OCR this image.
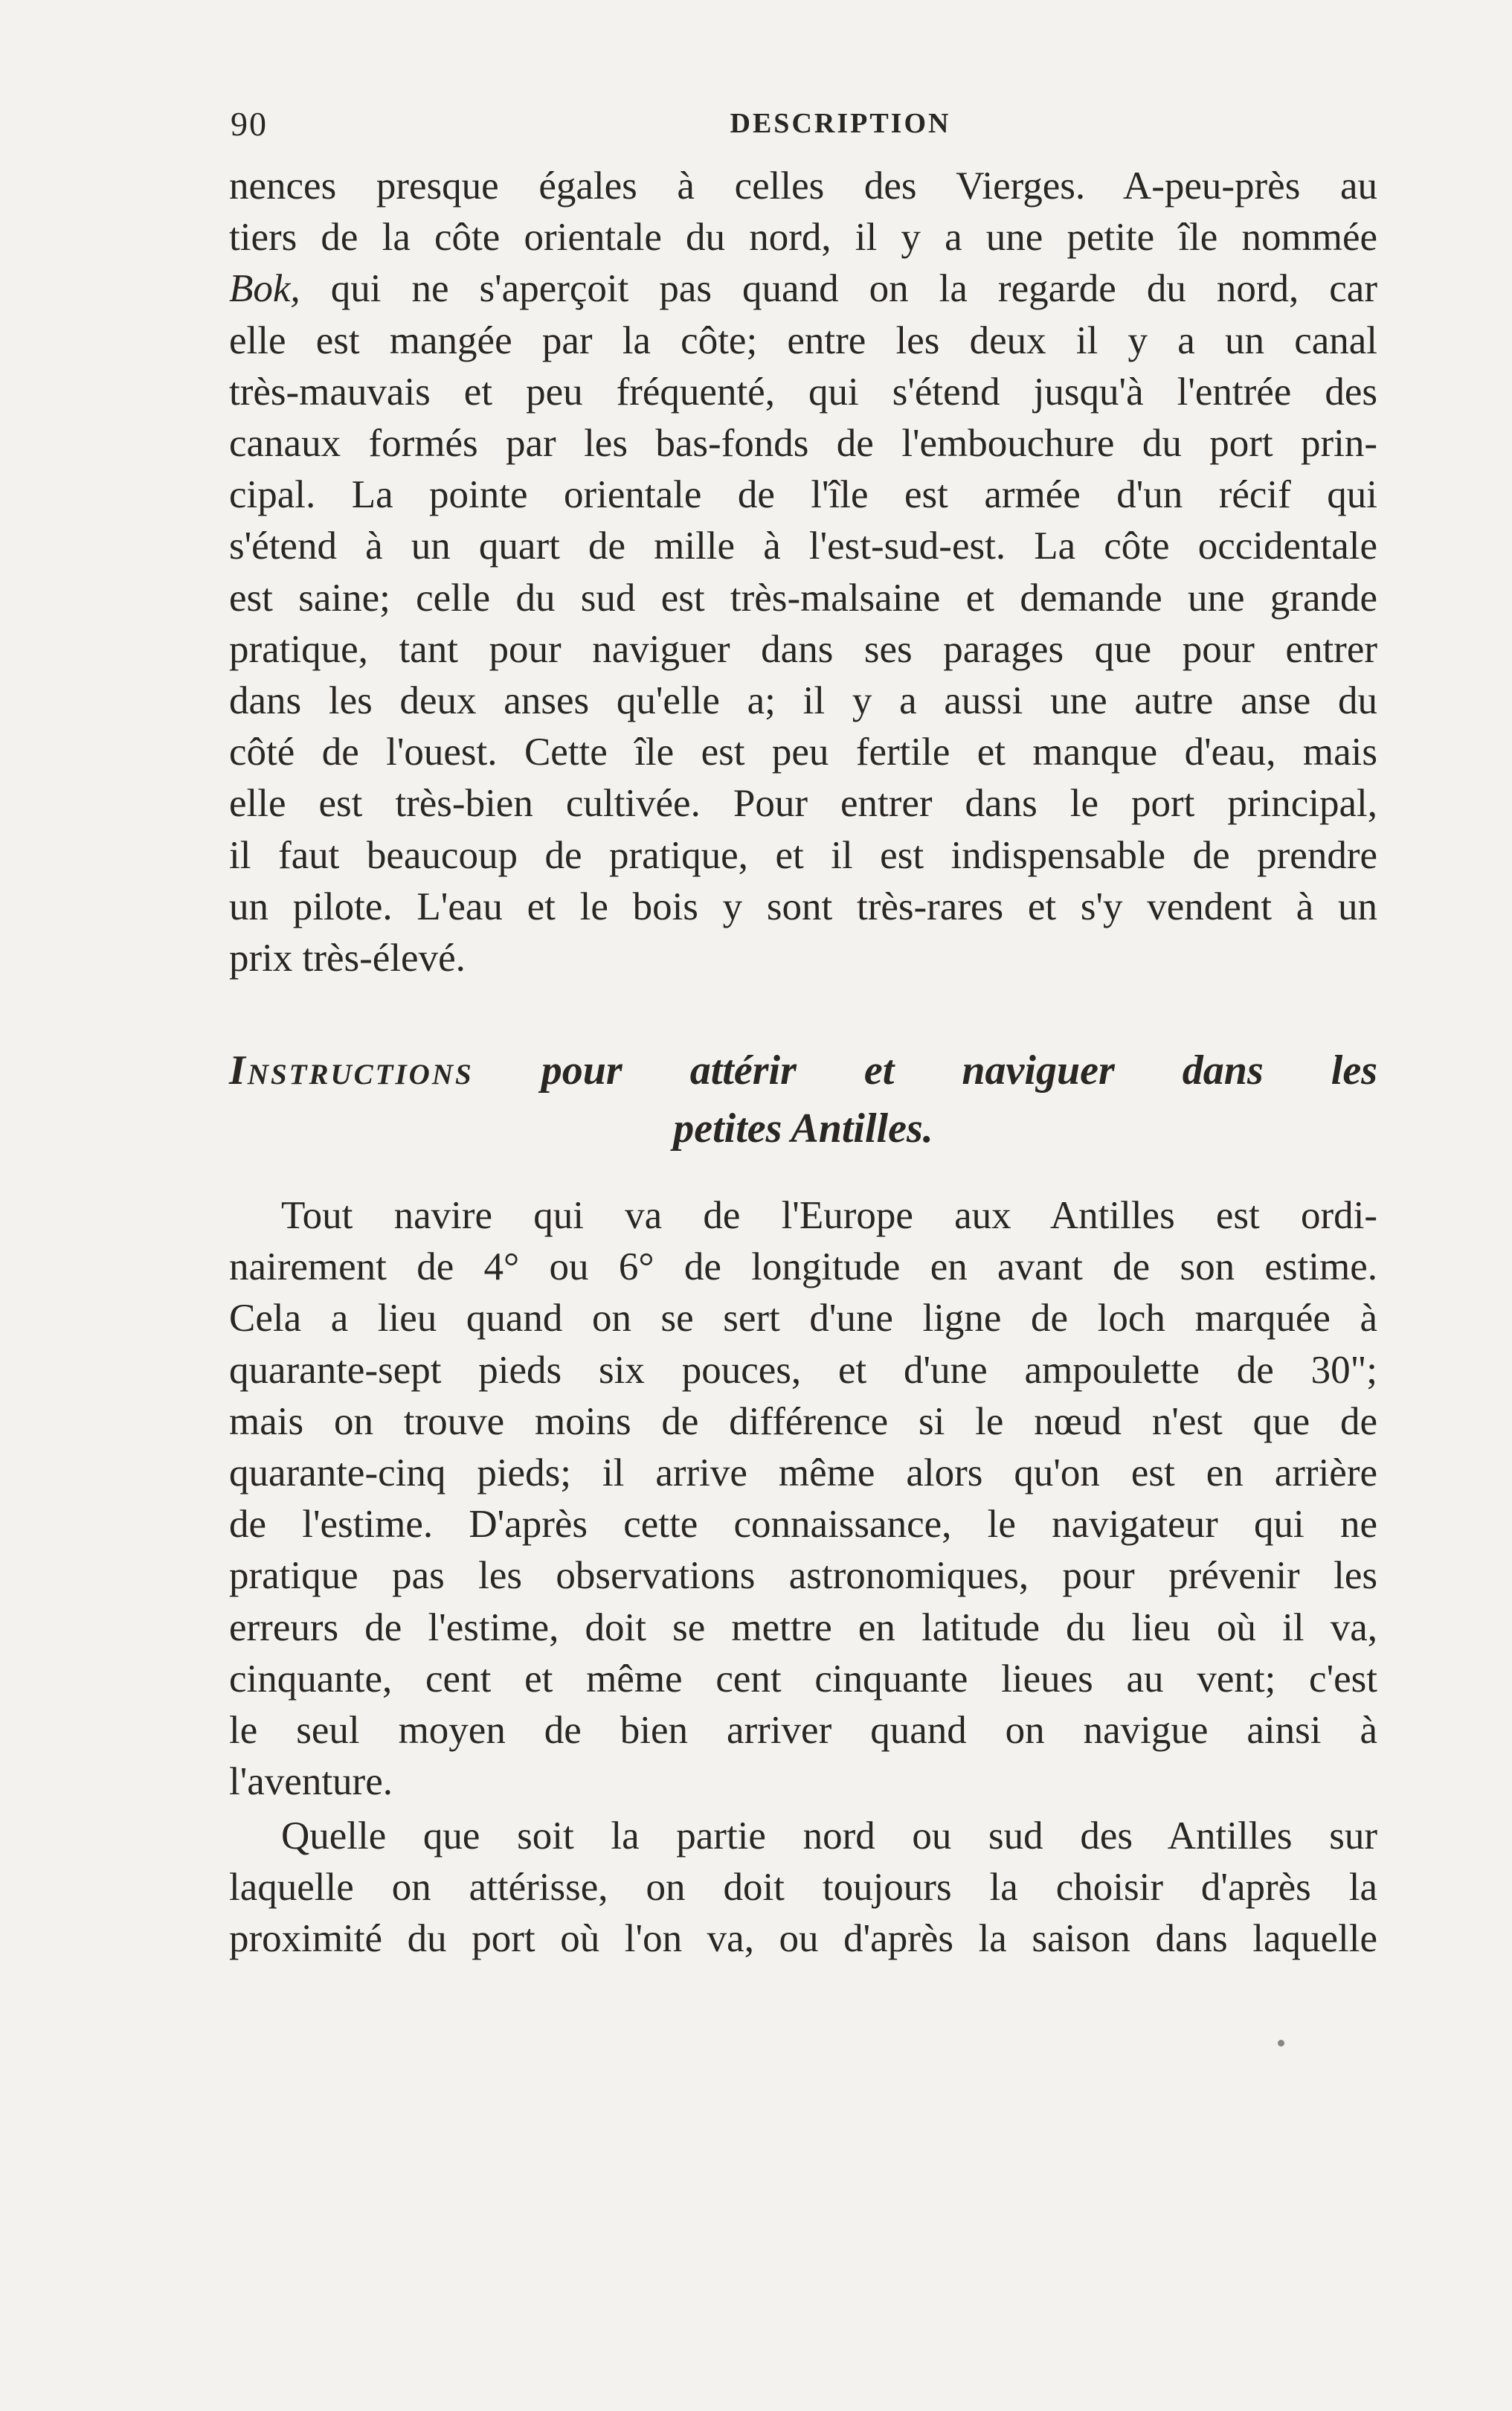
90	DESCRIPTION
nences presque égales à celles des Vierges. A-peu-près au
tiers de la côte orientale du nord, il y a une petite île nommée
Bok, qui ne s'aperçoit pas quand on la regarde du nord, car
elle est mangée par la côte; entre les deux il y a un canal
très-mauvais et peu fréquenté, qui s'étend jusqu'à l'entrée des
canaux formés par les bas-fonds de l'embouchure du port prin-
cipal. La pointe orientale de l'île est armée d'un récif qui
s'étend à un quart de mille à l'est-sud-est. La côte occidentale
est saine; celle du sud est très-malsaine et demande une grande
pratique, tant pour naviguer dans ses parages que pour entrer
dans les deux anses qu'elle a; il y a aussi une autre anse du
côté de l'ouest. Cette île est peu fertile et manque d'eau, mais
elle est très-bien cultivée. Pour entrer dans le port principal,
il faut beaucoup de pratique, et il est indispensable de prendre
un pilote. L'eau et le bois y sont très-rares et s'y vendent à un
prix très-élevé.
Instructions pour attérir et naviguer dans les
petites Antilles.
Tout navire qui va de l'Europe aux Antilles est ordi-
nairement de 4° ou 6° de longitude en avant de son estime.
Cela a lieu quand on se sert d'une ligne de loch marquée à
quarante-sept pieds six pouces, et d'une ampoulette de 30";
mais on trouve moins de différence si le nœud n'est que de
quarante-cinq pieds; il arrive même alors qu'on est en arrière
de l'estime. D'après cette connaissance, le navigateur qui ne
pratique pas les observations astronomiques, pour prévenir les
erreurs de l'estime, doit se mettre en latitude du lieu où il va,
cinquante, cent et même cent cinquante lieues au vent; c'est
le seul moyen de bien arriver quand on navigue ainsi à
l'aventure.
Quelle que soit la partie nord ou sud des Antilles sur
laquelle on attérisse, on doit toujours la choisir d'après la
proximité du port où l'on va, ou d'après la saison dans laquelle
